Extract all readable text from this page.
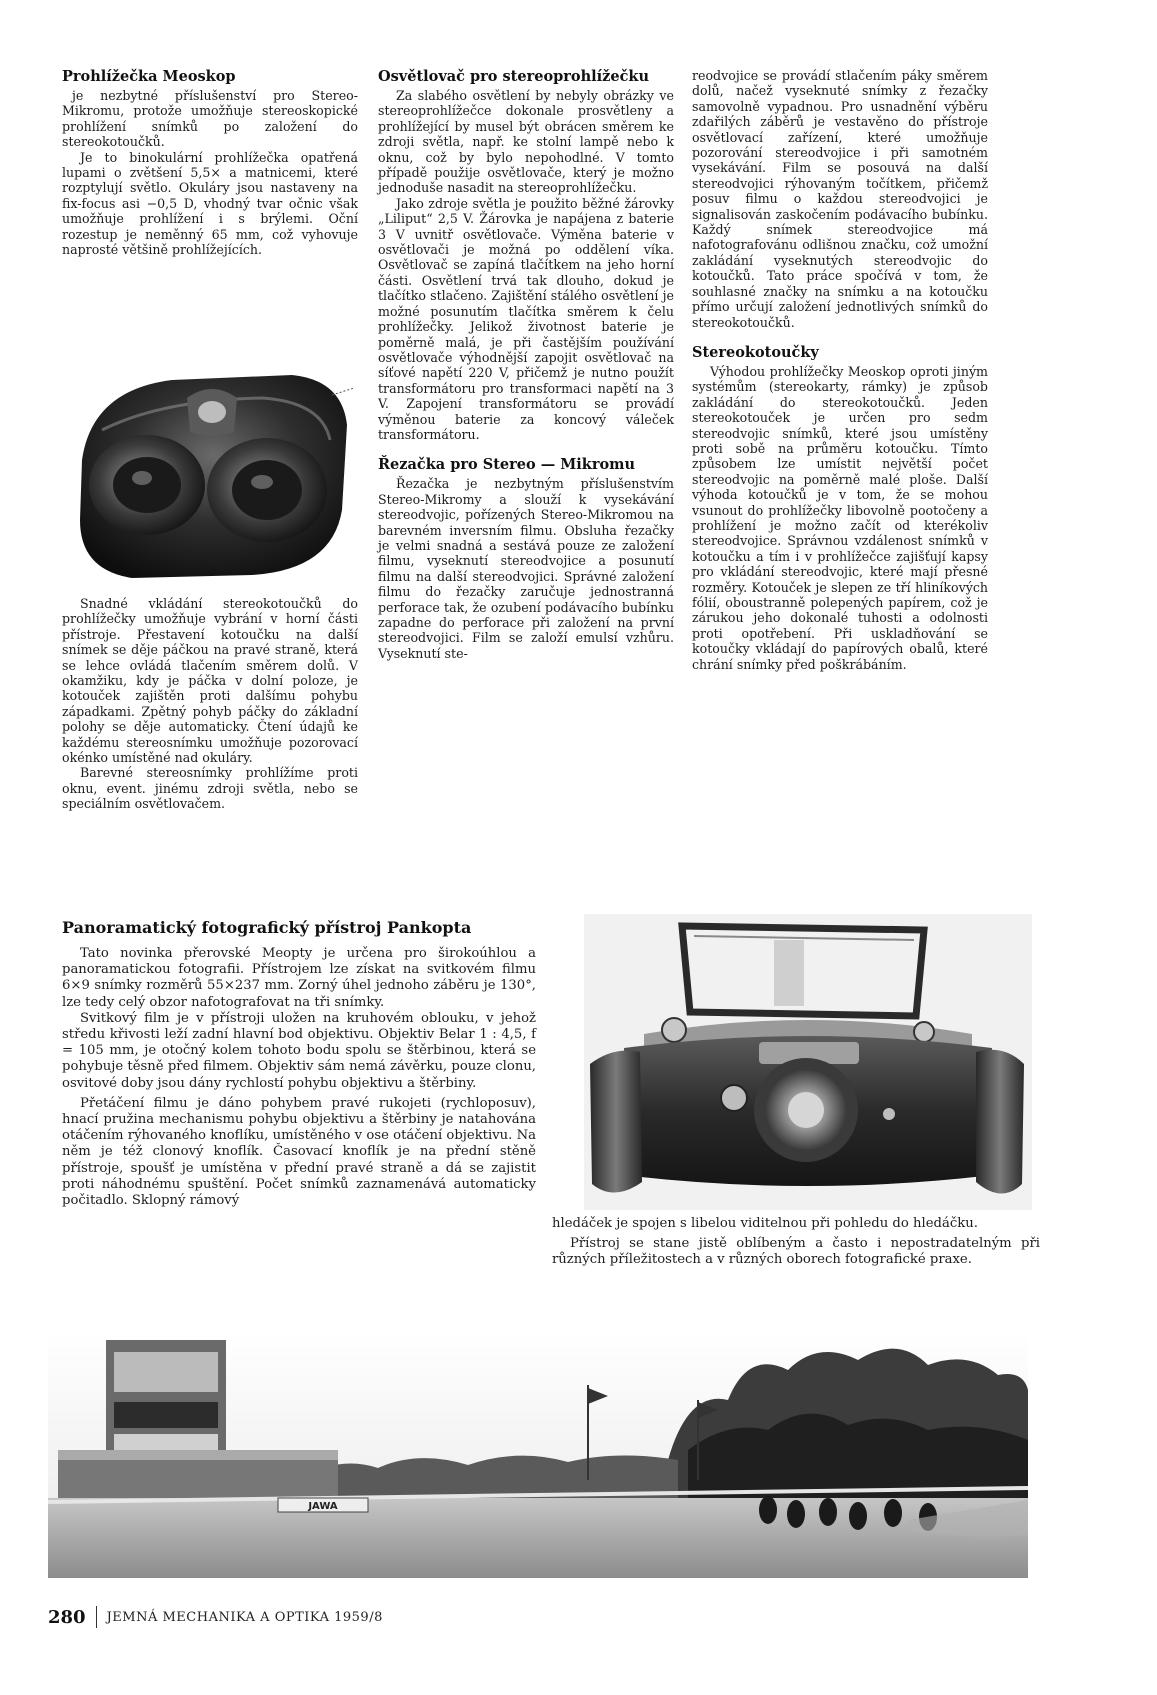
Prohlížečka Meoskop

je nezbytné příslušenství pro Stereo-Mikromu, protože umožňuje stereoskopické prohlížení snímků po založení do stereokotoučků.

Je to binokulární prohlížečka opatřená lupami o zvětšení 5,5× a matnicemi, které rozptylují světlo. Okuláry jsou nastaveny na fix-focus asi −0,5 D, vhodný tvar očnic však umožňuje prohlížení i s brýlemi. Oční rozestup je neměnný 65 mm, což vyhovuje naprosté většině prohlížejících.

Snadné vkládání stereokotoučků do prohlížečky umožňuje vybrání v horní části přístroje. Přestavení kotoučku na další snímek se děje páčkou na pravé straně, která se lehce ovládá tlačením směrem dolů. V okamžiku, kdy je páčka v dolní poloze, je kotouček zajištěn proti dalšímu pohybu západkami. Zpětný pohyb páčky do základní polohy se děje automaticky. Čtení údajů ke každému stereosnímku umožňuje pozorovací okénko umístěné nad okuláry.

Barevné stereosnímky prohlížíme proti oknu, event. jinému zdroji světla, nebo se speciálním osvětlovačem.

Osvětlovač pro stereoprohlížečku

Za slabého osvětlení by nebyly obrázky ve stereoprohlížečce dokonale prosvětleny a prohlížející by musel být obrácen směrem ke zdroji světla, např. ke stolní lampě nebo k oknu, což by bylo nepohodlné. V tomto případě použije osvětlovače, který je možno jednoduše nasadit na stereoprohlížečku.

Jako zdroje světla je použito běžné žárovky „Liliput“ 2,5 V. Žárovka je napájena z baterie 3 V uvnitř osvětlovače. Výměna baterie v osvětlovači je možná po oddělení víka. Osvětlovač se zapíná tlačítkem na jeho horní části. Osvětlení trvá tak dlouho, dokud je tlačítko stlačeno. Zajištění stálého osvětlení je možné posunutím tlačítka směrem k čelu prohlížečky. Jelikož životnost baterie je poměrně malá, je při častějším používání osvětlovače výhodnější zapojit osvětlovač na síťové napětí 220 V, přičemž je nutno použít transformátoru pro transformaci napětí na 3 V. Zapojení transformátoru se provádí výměnou baterie za koncový váleček transformátoru.

Řezačka pro Stereo — Mikromu

Řezačka je nezbytným příslušenstvím Stereo-Mikromy a slouží k vysekávání stereodvojic, pořízených Stereo-Mikromou na barevném inversním filmu. Obsluha řezačky je velmi snadná a sestává pouze ze založení filmu, vyseknutí stereodvojice a posunutí filmu na další stereodvojici. Správné založení filmu do řezačky zaručuje jednostranná perforace tak, že ozubení podávacího bubínku zapadne do perforace při založení na první stereodvojici. Film se založí emulsí vzhůru. Vyseknutí ste-

reodvojice se provádí stlačením páky směrem dolů, načež vyseknuté snímky z řezačky samovolně vypadnou. Pro usnadnění výběru zdařilých záběrů je vestavěno do přístroje osvětlovací zařízení, které umožňuje pozorování stereodvojice i při samotném vysekávání. Film se posouvá na další stereodvojici rýhovaným točítkem, přičemž posuv filmu o každou stereodvojici je signalisován zaskočením podávacího bubínku. Každý snímek stereodvojice má nafotografovánu odlišnou značku, což umožní zakládání vyseknutých stereodvojic do kotoučků. Tato práce spočívá v tom, že souhlasné značky na snímku a na kotoučku přímo určují založení jednotlivých snímků do stereokotoučků.

Stereokotoučky

Výhodou prohlížečky Meoskop oproti jiným systémům (stereokarty, rámky) je způsob zakládání do stereokotoučků. Jeden stereokotouček je určen pro sedm stereodvojic snímků, které jsou umístěny proti sobě na průměru kotoučku. Tímto způsobem lze umístit největší počet stereodvojic na poměrně malé ploše. Další výhoda kotoučků je v tom, že se mohou vsunout do prohlížečky libovolně pootočeny a prohlížení je možno začít od kterékoliv stereodvojice. Správnou vzdálenost snímků v kotoučku a tím i v prohlížečce zajišťují kapsy pro vkládání stereodvojic, které mají přesné rozměry. Kotouček je slepen ze tří hliníkových fólií, oboustranně polepených papírem, což je zárukou jeho dokonalé tuhosti a odolnosti proti opotřebení. Při uskladňování se kotoučky vkládají do papírových obalů, které chrání snímky před poškrábáním.

Panoramatický fotografický přístroj Pankopta

Tato novinka přerovské Meopty je určena pro širokoúhlou a panoramatickou fotografii. Přístrojem lze získat na svitkovém filmu 6×9 snímky rozměrů 55×237 mm. Zorný úhel jednoho záběru je 130°, lze tedy celý obzor nafotografovat na tři snímky.

Svitkový film je v přístroji uložen na kruhovém oblouku, v jehož středu křivosti leží zadní hlavní bod objektivu. Objektiv Belar 1 : 4,5, f = 105 mm, je otočný kolem tohoto bodu spolu se štěrbinou, která se pohybuje těsně před filmem. Objektiv sám nemá závěrku, pouze clonu, osvitové doby jsou dány rychlostí pohybu objektivu a štěrbiny.

Přetáčení filmu je dáno pohybem pravé rukojeti (rychloposuv), hnací pružina mechanismu pohybu objektivu a štěrbiny je natahována otáčením rýhovaného knoflíku, umístěného v ose otáčení objektivu. Na něm je též clonový knoflík. Časovací knoflík je na přední stěně přístroje, spoušť je umístěna v přední pravé straně a dá se zajistit proti náhodnému spuštění. Počet snímků zaznamenává automaticky počitadlo. Sklopný rámový

hledáček je spojen s libelou viditelnou při pohledu do hledáčku.

Přístroj se stane jistě oblíbeným a často i nepostradatelným při různých příležitostech a v různých oborech fotografické praxe.

JAWA
280 JEMNÁ MECHANIKA A OPTIKA 1959/8
